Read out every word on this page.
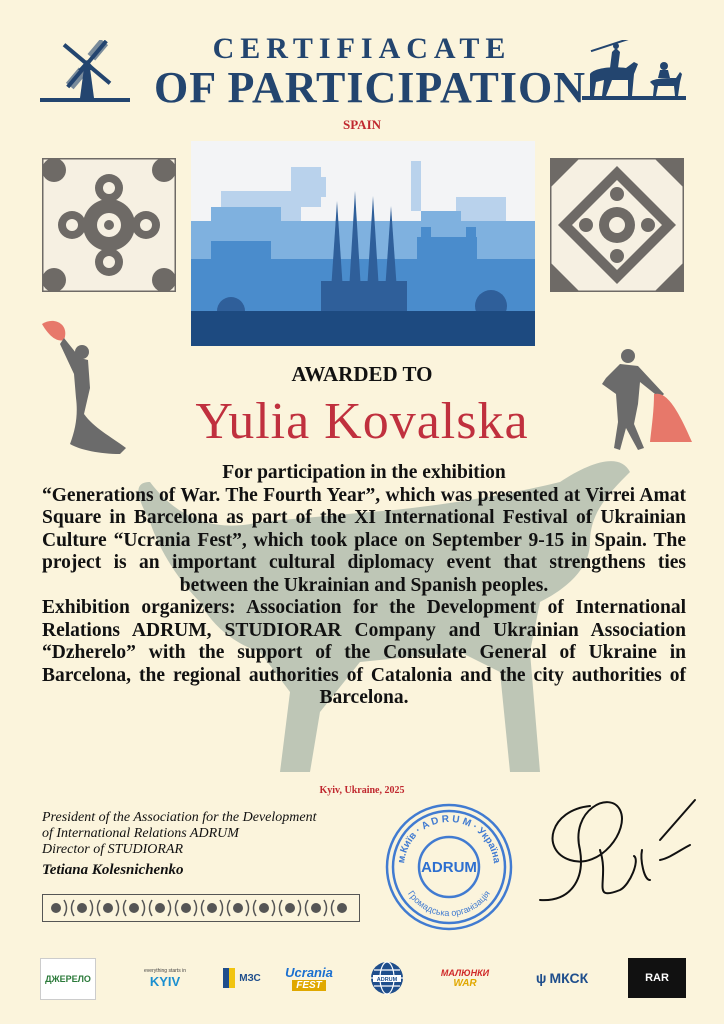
CERTIFIACATE
OF PARTICIPATION
SPAIN
AWARDED TO
Yulia Kovalska

For participation in the exhibition

“Generations of War. The Fourth Year”, which was presented at Virrei Amat Square in Barcelona as part of the XI International Festival of Ukrainian Culture “Ucrania Fest”, which took place on September 9-15 in Spain. The project is an important cultural diplomacy event that strengthens ties between the Ukrainian and Spanish peoples.

Exhibition organizers: Association for the Development of International Relations ADRUM, STUDIORAR Company and Ukrainian Association “Dzherelo” with the support of the Consulate General of Ukraine in Barcelona, the regional authorities of Catalonia and the city authorities of Barcelona.

Kyiv, Ukraine, 2025
President of the Association for the Development
of International Relations ADRUM
Director of STUDIORAR
Tetiana Kolesnichenko
м.Київ · A D R U M · Україна
Громадська організація
ADRUM
ДЖЕРЕЛО
everything starts in
KYIV	МЗС Ucrania
FEST	ADRUM
МАЛЮНКИ
WAR	ψ МКСК	RAR
